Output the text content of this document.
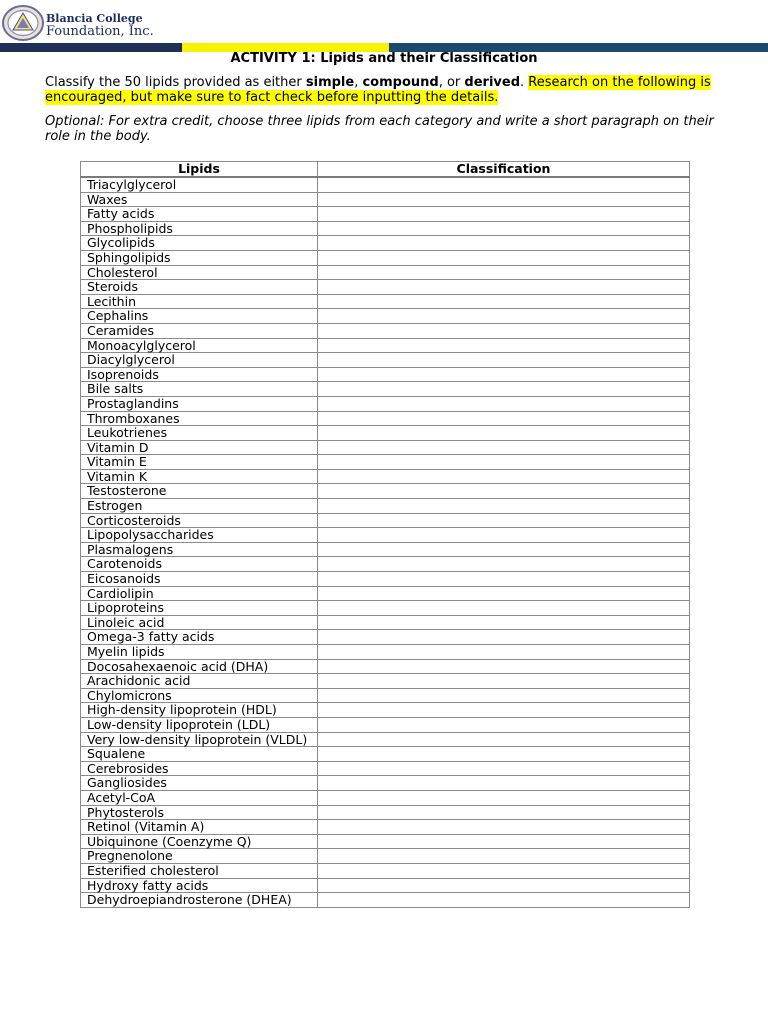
Blancia College
Foundation, Inc.
ACTIVITY 1: Lipids and their Classification
Classify the 50 lipids provided as either simple, compound, or derived. Research on the following is encouraged, but make sure to fact check before inputting the details.
Optional: For extra credit, choose three lipids from each category and write a short paragraph on their role in the body.
Lipids	Classification
Triacylglycerol	
Waxes	
Fatty acids	
Phospholipids	
Glycolipids	
Sphingolipids	
Cholesterol	
Steroids	
Lecithin	
Cephalins	
Ceramides	
Monoacylglycerol	
Diacylglycerol	
Isoprenoids	
Bile salts	
Prostaglandins	
Thromboxanes	
Leukotrienes	
Vitamin D	
Vitamin E	
Vitamin K	
Testosterone	
Estrogen	
Corticosteroids	
Lipopolysaccharides	
Plasmalogens	
Carotenoids	
Eicosanoids	
Cardiolipin	
Lipoproteins	
Linoleic acid	
Omega-3 fatty acids	
Myelin lipids	
Docosahexaenoic acid (DHA)	
Arachidonic acid	
Chylomicrons	
High-density lipoprotein (HDL)	
Low-density lipoprotein (LDL)	
Very low-density lipoprotein (VLDL)	
Squalene	
Cerebrosides	
Gangliosides	
Acetyl-CoA	
Phytosterols	
Retinol (Vitamin A)	
Ubiquinone (Coenzyme Q)	
Pregnenolone	
Esterified cholesterol	
Hydroxy fatty acids	
Dehydroepiandrosterone (DHEA)	
